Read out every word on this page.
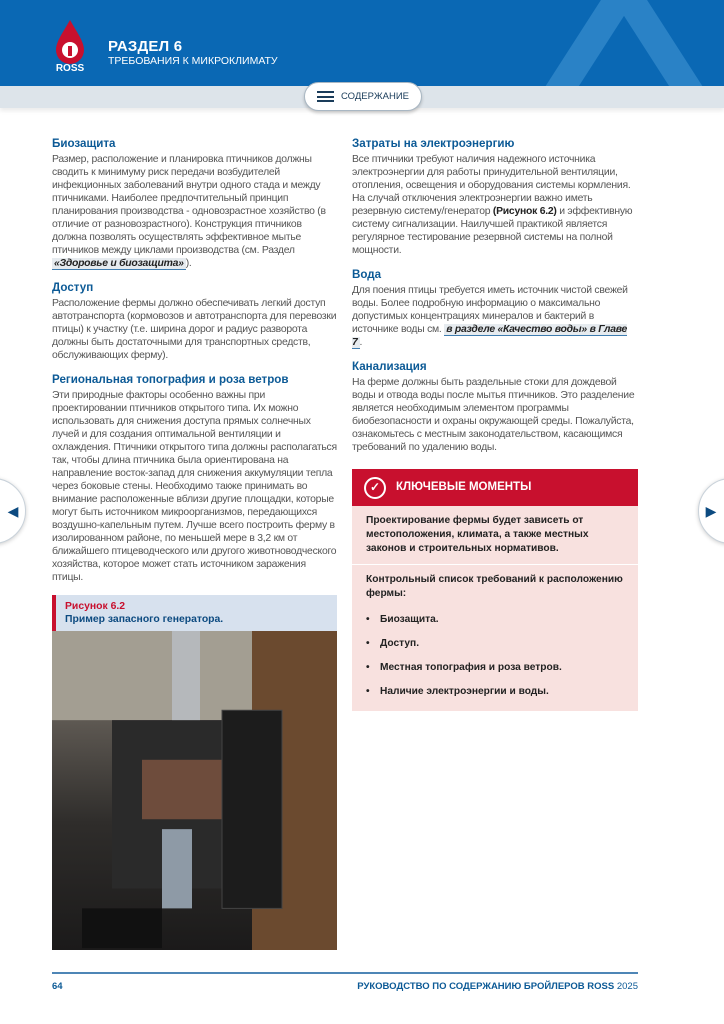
ROSS
РАЗДЕЛ 6
ТРЕБОВАНИЯ К МИКРОКЛИМАТУ
СОДЕРЖАНИЕ
◀	▶
Биозащита

Размер, расположение и планировка птичников должны сводить к минимуму риск передачи возбудителей инфекционных заболеваний внутри одного стада и между птичниками. Наиболее предпочтительный принцип планирования производства - одновозрастное хозяйство (в отличие от разновозрастного). Конструкция птичников должна позволять осуществлять эффективное мытье птичников между циклами производства (см. Раздел «Здоровье и биозащита» ).

Доступ

Расположение фермы должно обеспечивать легкий доступ автотранспорта (кормовозов и автотранспорта для перевозки птицы) к участку (т.е. ширина дорог и радиус разворота должны быть достаточными для транспортных средств, обслуживающих ферму).

Региональная топография и роза ветров

Эти природные факторы особенно важны при проектировании птичников открытого типа. Их можно использовать для снижения доступа прямых солнечных лучей и для создания оптимальной вентиляции и охлаждения. Птичники открытого типа должны располагаться так, чтобы длина птичника была ориентирована на направление восток-запад для снижения аккумуляции тепла через боковые стены. Необходимо также принимать во внимание расположенные вблизи другие площадки, которые могут быть источником микроорганизмов, передающихся воздушно-капельным путем. Лучше всего построить ферму в изолированном районе, по меньшей мере в 3,2 км от ближайшего птицеводческого или другого животноводческого хозяйства, которое может стать источником заражения птицы.

Рисунок 6.2
Пример запасного генератора.
Затраты на электроэнергию

Все птичники требуют наличия надежного источника электроэнергии для работы принудительной вентиляции, отопления, освещения и оборудования системы кормления. На случай отключения электроэнергии важно иметь резервную систему/генератор (Рисунок 6.2) и эффективную систему сигнализации. Наилучшей практикой является регулярное тестирование резервной системы на полной мощности.

Вода

Для поения птицы требуется иметь источник чистой свежей воды. Более подробную информацию о максимально допустимых концентрациях минералов и бактерий в источнике воды см. в разделе «Качество воды» в Главе 7 .

Канализация

На ферме должны быть раздельные стоки для дождевой воды и отвода воды после мытья птичников. Это разделение является необходимым элементом программы биобезопасности и охраны окружающей среды. Пожалуйста, ознакомьтесь с местным законодательством, касающимся требований по удалению воды.

✓	КЛЮЧЕВЫЕ МОМЕНТЫ
Проектирование фермы будет зависеть от местоположения, климата, а также местных законов и строительных нормативов.
Контрольный список требований к расположению фермы:
• Биозащита.
• Доступ.
• Местная топография и роза ветров.
• Наличие электроэнергии и воды.
64	РУКОВОДСТВО ПО СОДЕРЖАНИЮ БРОЙЛЕРОВ ROSS 2025
